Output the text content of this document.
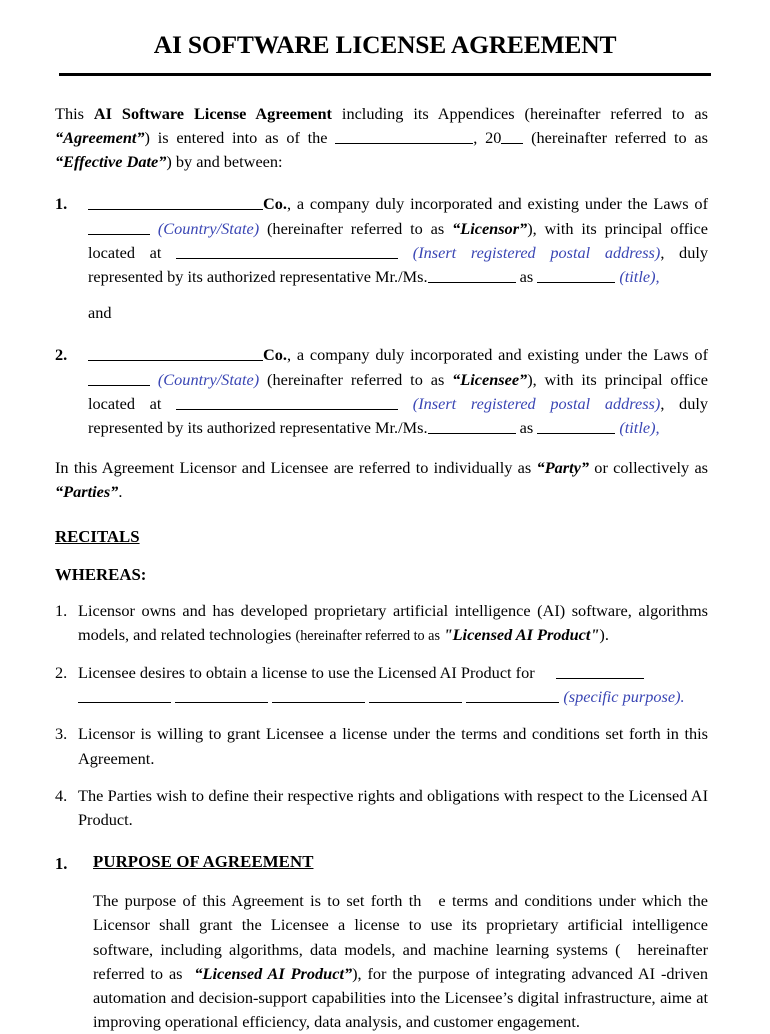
AI SOFTWARE LICENSE AGREEMENT

This AI Software License Agreement including its Appendices (hereinafter referred to as “Agreement”) is entered into as of the	, 20 (hereinafter referred to as “Effective Date”) by and between:

1.	Co., a company duly incorporated and existing under the Laws of  (Country/State) (hereinafter referred to as “Licensor”), with its principal office located at	(Insert registered postal address), duly represented by its authorized representative Mr./Ms.	as	(title),

and

2.	Co., a company duly incorporated and existing under the Laws of  (Country/State) (hereinafter referred to as “Licensee”), with its principal office located at	(Insert registered postal address), duly represented by its authorized representative Mr./Ms.	as	(title),

In this Agreement Licensor and Licensee are referred to individually as “Party” or collectively as “Parties”.

RECITALS
WHEREAS:
1. Licensor owns and has developed proprietary artificial intelligence (AI) software, algorithms models, and related technologies (hereinafter referred to as "Licensed AI Product").

2. Licensee desires to obtain a license to use the Licensed AI Product for
(specific purpose).

3. Licensor is willing to grant Licensee a license under the terms and conditions set forth in this Agreement.

4. The Parties wish to define their respective rights and obligations with respect to the Licensed AI Product.

1. PURPOSE OF AGREEMENT

The purpose of this Agreement is to set forth th e terms and conditions under which the Licensor shall grant the Licensee a license to use its proprietary artificial intelligence software, including algorithms, data models, and machine learning systems ( hereinafter referred to as “Licensed AI Product”), for the purpose of integrating advanced AI -driven automation and decision-support capabilities into the Licensee’s digital infrastructure, aime at improving operational efficiency, data analysis, and customer engagement.
